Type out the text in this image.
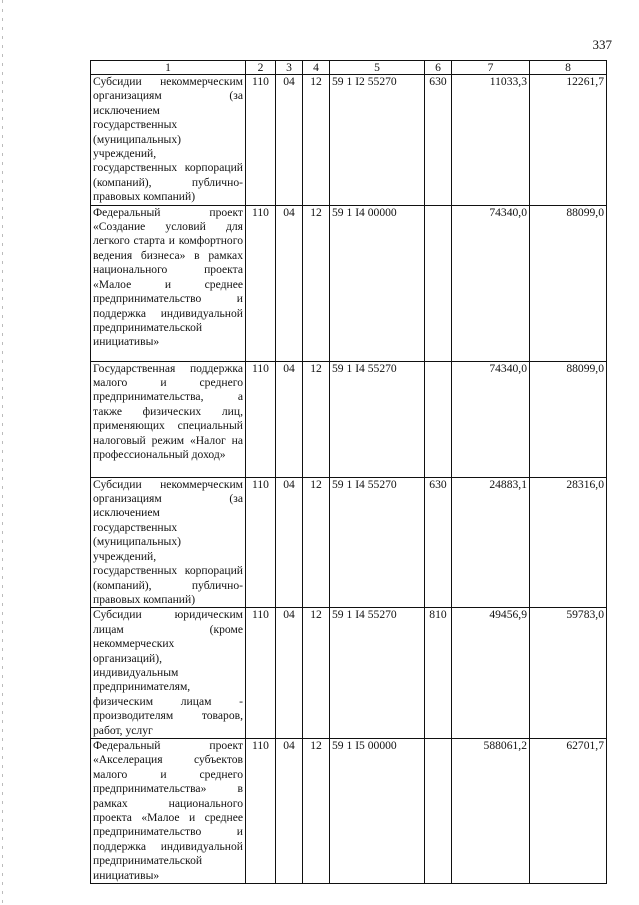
337
1	2	3	4	5	6	7	8
Субсидии некоммерческим организациям (за исключением государственных (муниципальных) учреждений, государственных корпораций (компаний), публично-правовых компаний)	110	04	12	59 1 I2 55270	630	11033,3	12261,7
Федеральный проект «Создание условий для легкого старта и комфортного ведения бизнеса» в рамках национального проекта «Малое и среднее предпринимательство и поддержка индивидуальной предпринимательской инициативы»	110	04	12	59 1 I4 00000		74340,0	88099,0
Государственная поддержка малого и среднего предпринимательства, а также физических лиц, применяющих специальный налоговый режим «Налог на профессиональный доход»	110	04	12	59 1 I4 55270		74340,0	88099,0
Субсидии некоммерческим организациям (за исключением государственных (муниципальных) учреждений, государственных корпораций (компаний), публично-правовых компаний)	110	04	12	59 1 I4 55270	630	24883,1	28316,0
Субсидии юридическим лицам (кроме некоммерческих организаций), индивидуальным предпринимателям, физическим лицам - производителям товаров, работ, услуг	110	04	12	59 1 I4 55270	810	49456,9	59783,0
Федеральный проект «Акселерация субъектов малого и среднего предпринимательства» в рамках национального проекта «Малое и среднее предпринимательство и поддержка индивидуальной предпринимательской инициативы»	110	04	12	59 1 I5 00000		588061,2	62701,7
